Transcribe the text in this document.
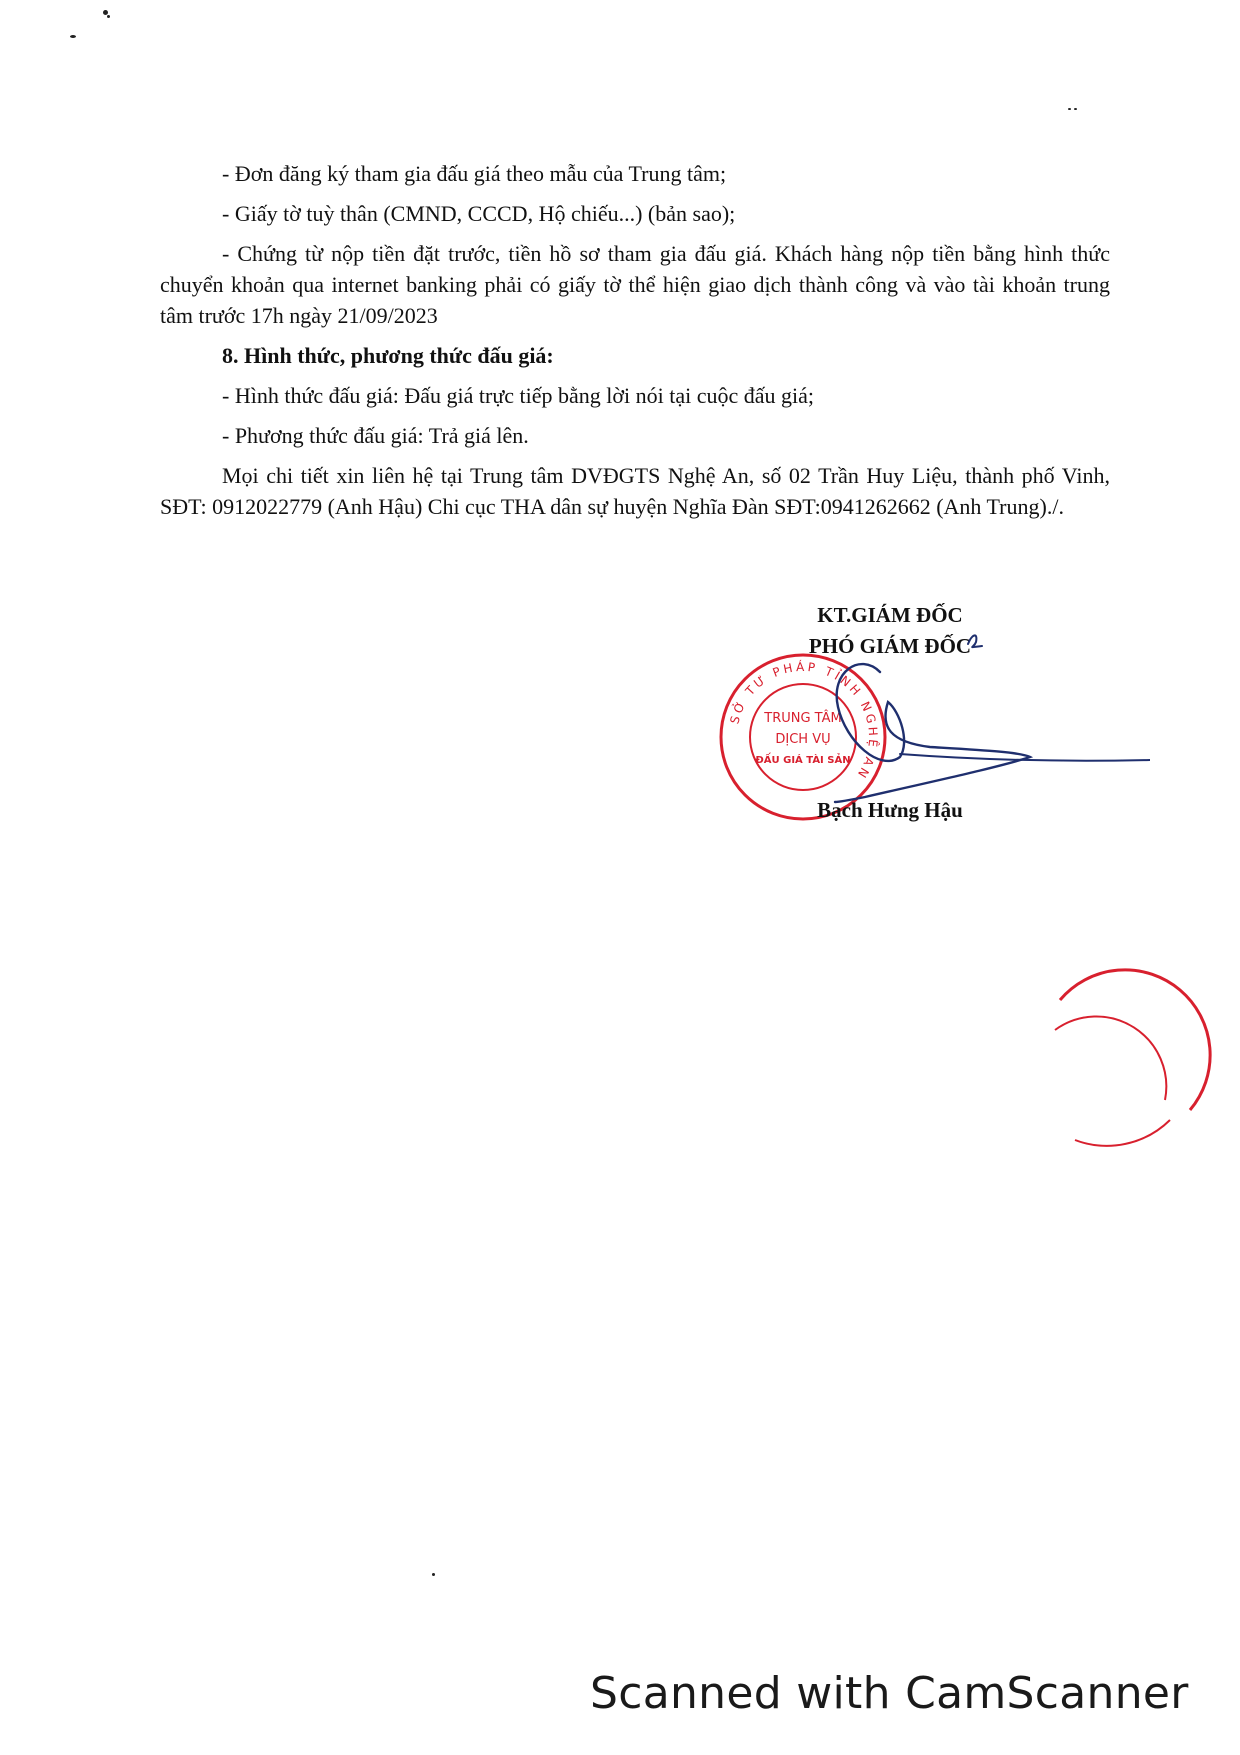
- Đơn đăng ký tham gia đấu giá theo mẫu của Trung tâm;

- Giấy tờ tuỳ thân (CMND, CCCD, Hộ chiếu...) (bản sao);

- Chứng từ nộp tiền đặt trước, tiền hồ sơ tham gia đấu giá. Khách hàng nộp tiền bằng hình thức chuyển khoản qua internet banking phải có giấy tờ thể hiện giao dịch thành công và vào tài khoản trung tâm trước 17h ngày 21/09/2023

8. Hình thức, phương thức đấu giá:

- Hình thức đấu giá: Đấu giá trực tiếp bằng lời nói tại cuộc đấu giá;

- Phương thức đấu giá: Trả giá lên.

Mọi chi tiết xin liên hệ tại Trung tâm DVĐGTS Nghệ An, số 02 Trần Huy Liệu, thành phố Vinh, SĐT: 0912022779 (Anh Hậu) Chi cục THA dân sự huyện Nghĩa Đàn SĐT:0941262662 (Anh Trung)./.

KT.GIÁM ĐỐC
PHÓ GIÁM ĐỐC
SỞ TƯ PHÁP TỈNH NGHỆ AN
TRUNG TÂM
DỊCH VỤ
ĐẤU GIÁ TÀI SẢN
Bạch Hưng Hậu
Scanned with CamScanner
